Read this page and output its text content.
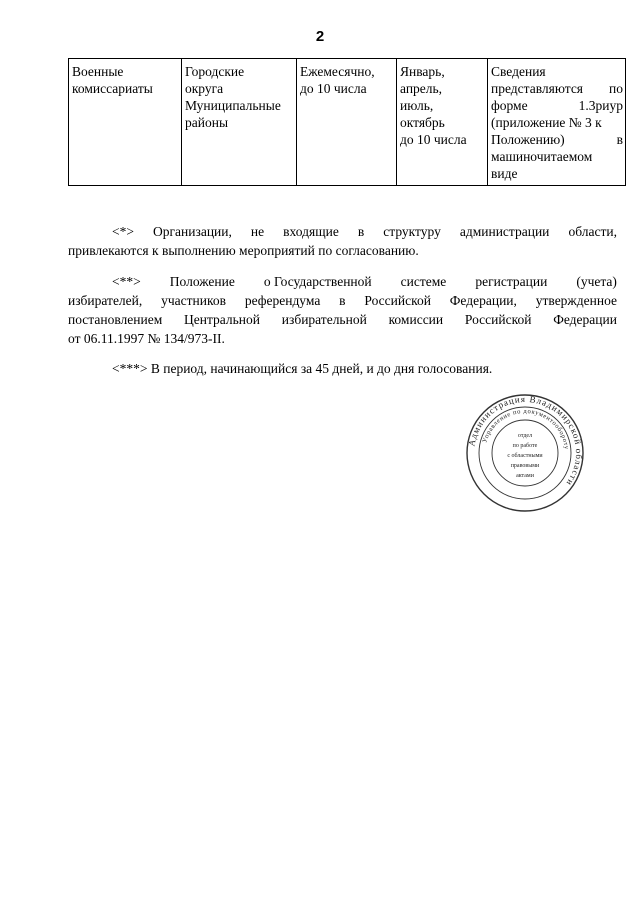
2
Военные
комиссариаты

Городские
округа
Муниципальные
районы

Ежемесячно,
до 10 числа

Январь,
апрель,
июль,
октябрь
до 10 числа

Сведения
представляются по
форме	1.3риур
(приложение № 3 к
Положению)	в
машиночитаемом
виде
<*> Организации, не входящие в структуру администрации области,
привлекаются к выполнению мероприятий по согласованию.
<**> Положение о Государственной системе регистрации (учета)
избирателей, участников референдума в Российской Федерации, утвержденное
постановлением Центральной избирательной комиссии Российской Федерации
от 06.11.1997 № 134/973-II.
<***> В период, начинающийся за 45 дней, и до дня голосования.
Администрация Владимирской области
Управление по документообороту
отдел
по работе
с областными
правовыми
актами
